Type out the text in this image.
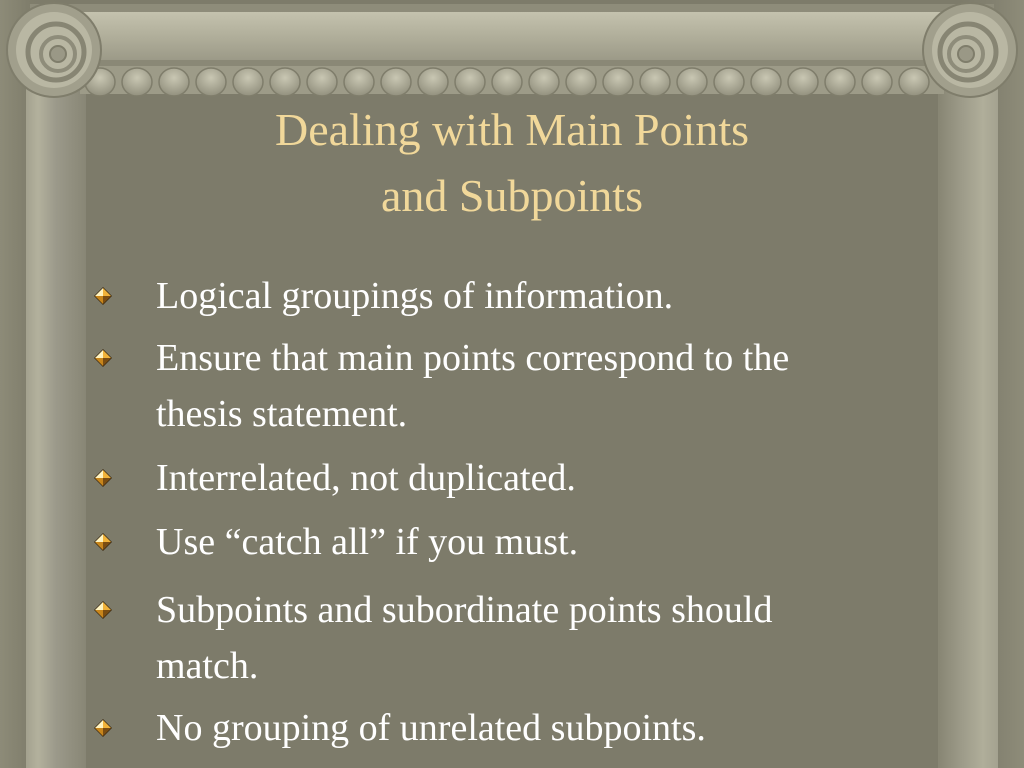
Dealing with Main Points
and Subpoints
Logical groupings of information.
Ensure that main points correspond to the
thesis statement.
Interrelated, not duplicated.
Use “catch all” if you must.
Subpoints and subordinate points should
match.
No grouping of unrelated subpoints.
